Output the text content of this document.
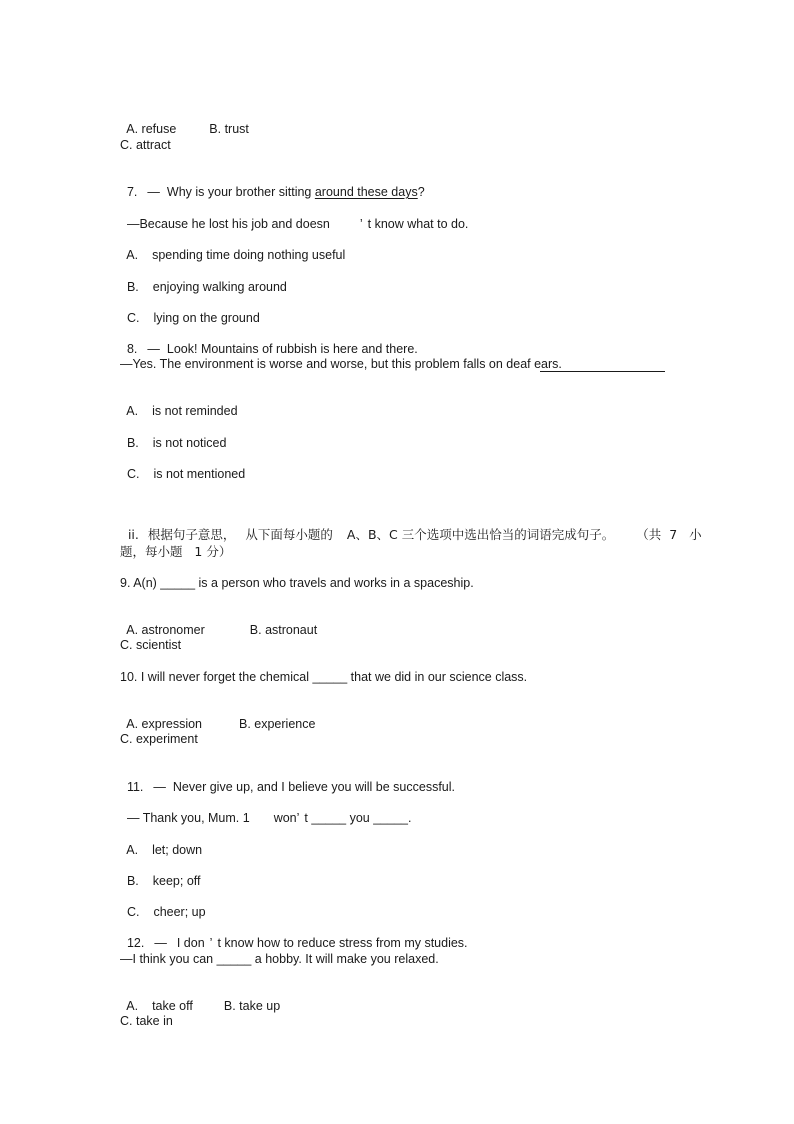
A. refuse	B. trust

C. attract

7. — Why is your brother sitting around these days?

—Because he lost his job and doesn ’ t know what to do.

A. spending time doing nothing useful

B. enjoying walking around

C. lying on the ground

8. — Look! Mountains of rubbish is here and there.

—Yes. The environment is worse and worse, but this problem falls on deaf ears.

A. is not reminded

B. is not noticed

C. is not mentioned

ii. 根据句子意思， 从下面每小题的 A、B、C 三个选项中选出恰当的词语完成句子。 （共  7   小

题，每小题   1 分）
9. A(n) _____ is a person who travels and works in a spaceship.

A. astronomer	B. astronaut

C. scientist
10. I will never forget the chemical _____ that we did in our science class.

A. expression	B. experience

C. experiment

11. — Never give up, and I believe you will be successful.

— Thank you, Mum. 1 won’ t _____ you _____.

A. let; down

B. keep; off

C. cheer; up

12. — I don ’ t know how to reduce stress from my studies.

—I think you can _____ a hobby. It will make you relaxed.

A. take off B. take up

C. take in
